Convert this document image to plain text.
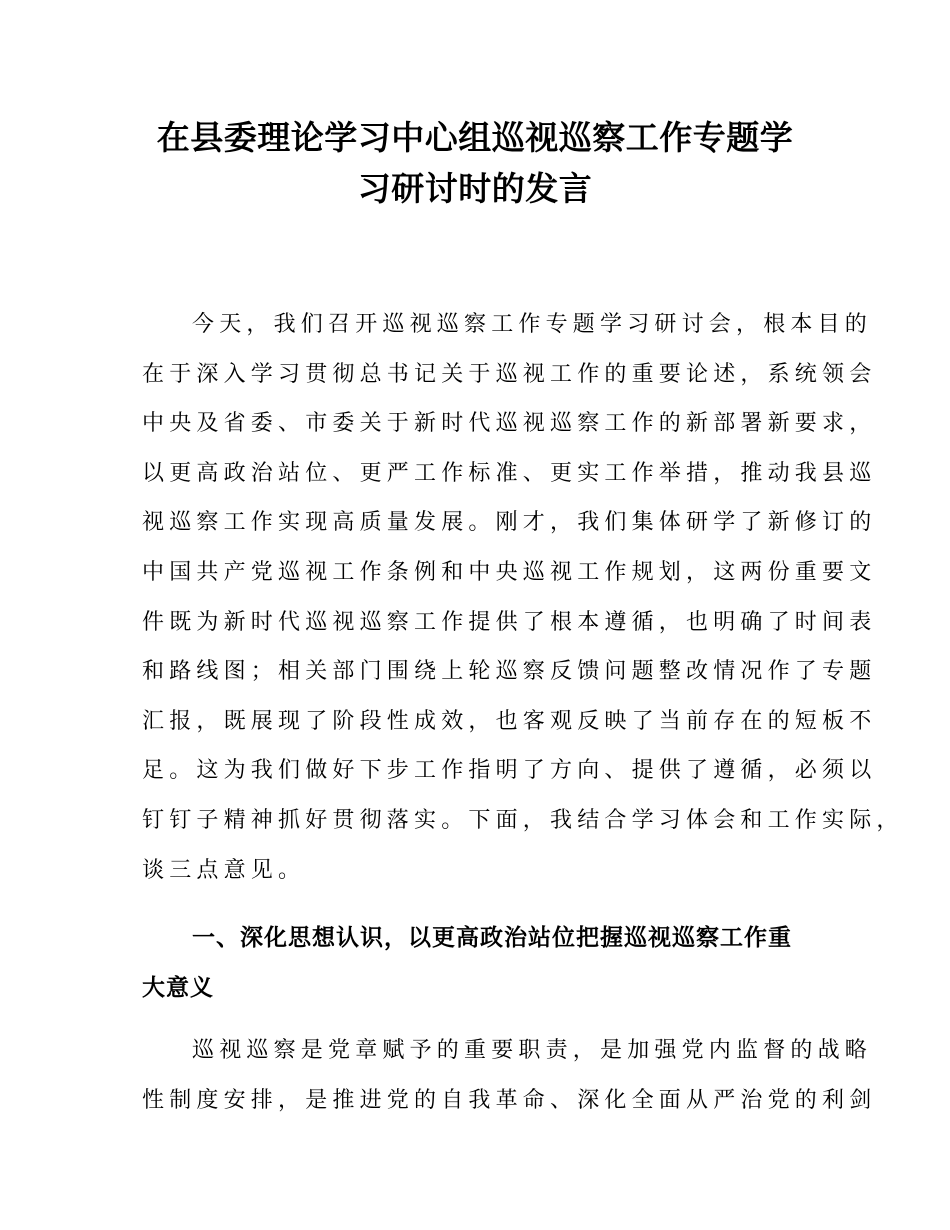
在县委理论学习中心组巡视巡察工作专题学
习研讨时的发言

今天，我们召开巡视巡察工作专题学习研讨会，根本目的
在于深入学习贯彻总书记关于巡视工作的重要论述，系统领会
中央及省委、市委关于新时代巡视巡察工作的新部署新要求，
以更高政治站位、更严工作标准、更实工作举措，推动我县巡
视巡察工作实现高质量发展。刚才，我们集体研学了新修订的
中国共产党巡视工作条例和中央巡视工作规划，这两份重要文
件既为新时代巡视巡察工作提供了根本遵循，也明确了时间表
和路线图；相关部门围绕上轮巡察反馈问题整改情况作了专题
汇报，既展现了阶段性成效，也客观反映了当前存在的短板不
足。这为我们做好下步工作指明了方向、提供了遵循，必须以
钉钉子精神抓好贯彻落实。下面，我结合学习体会和工作实际，
谈三点意见。

一、深化思想认识，以更高政治站位把握巡视巡察工作重
大意义

巡视巡察是党章赋予的重要职责，是加强党内监督的战略
性制度安排，是推进党的自我革命、深化全面从严治党的利剑
